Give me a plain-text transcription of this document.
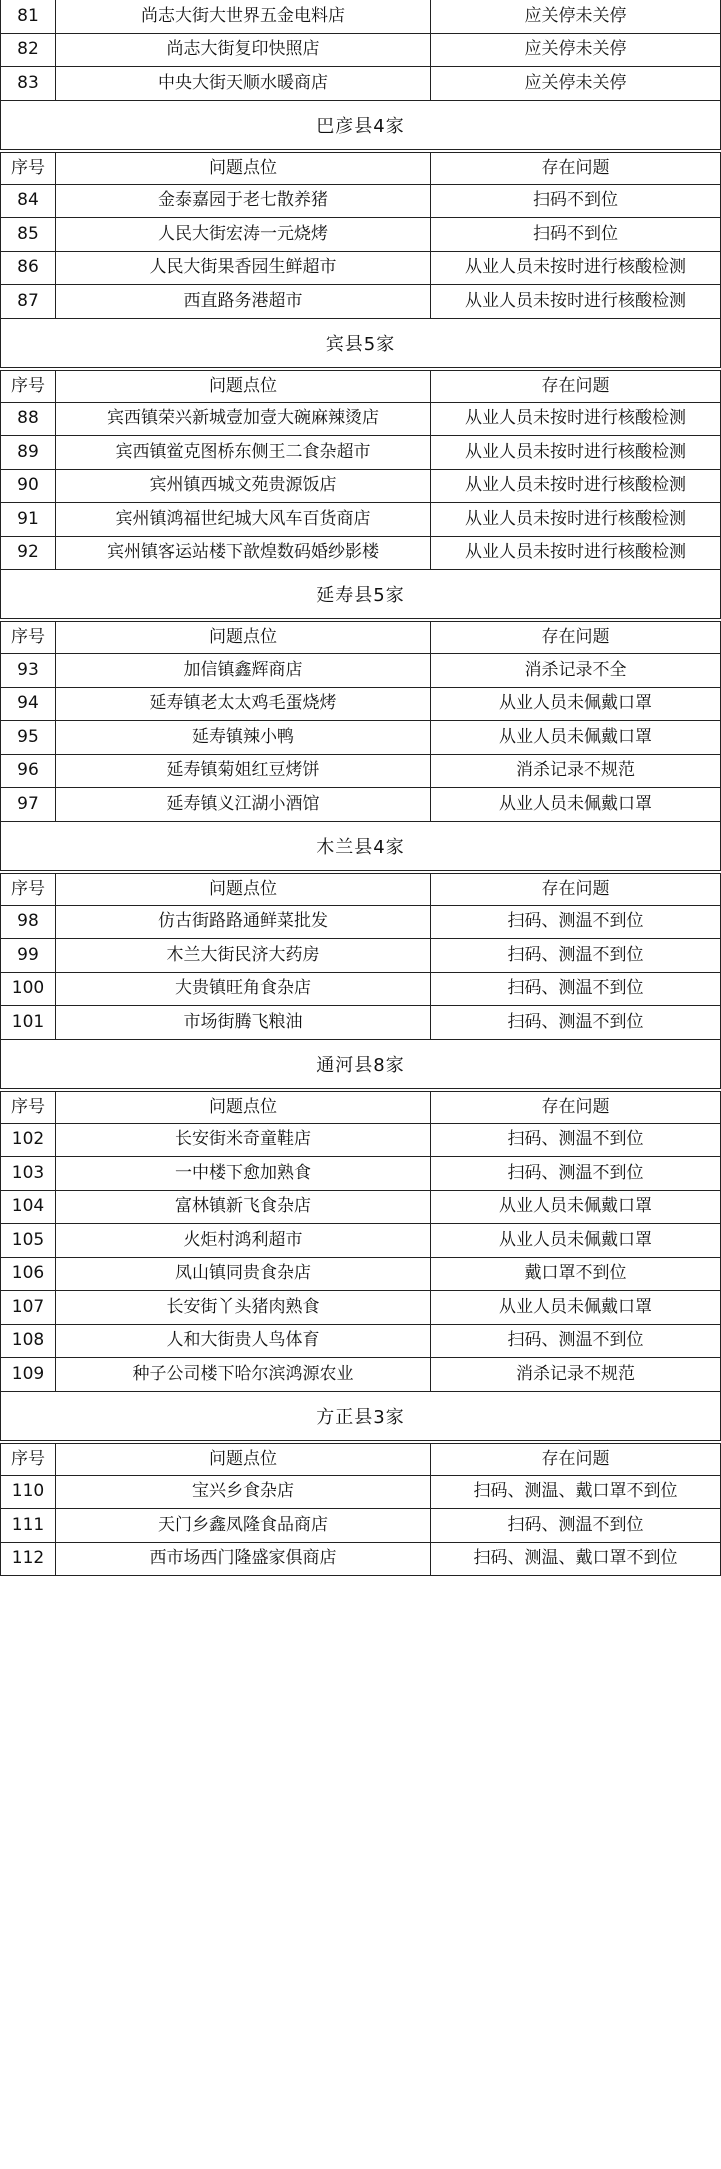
81	尚志大街大世界五金电料店	应关停未关停
82	尚志大街复印快照店	应关停未关停
83	中央大街天顺水暖商店	应关停未关停
巴彦县4家
序号	问题点位	存在问题
84	金泰嘉园于老七散养猪	扫码不到位
85	人民大街宏涛一元烧烤	扫码不到位
86	人民大街果香园生鲜超市	从业人员未按时进行核酸检测
87	西直路务港超市	从业人员未按时进行核酸检测
宾县5家
序号	问题点位	存在问题
88	宾西镇荣兴新城壹加壹大碗麻辣烫店	从业人员未按时进行核酸检测
89	宾西镇鲎克图桥东侧王二食杂超市	从业人员未按时进行核酸检测
90	宾州镇西城文苑贵源饭店	从业人员未按时进行核酸检测
91	宾州镇鸿福世纪城大风车百货商店	从业人员未按时进行核酸检测
92	宾州镇客运站楼下歆煌数码婚纱影楼	从业人员未按时进行核酸检测
延寿县5家
序号	问题点位	存在问题
93	加信镇鑫辉商店	消杀记录不全
94	延寿镇老太太鸡毛蛋烧烤	从业人员未佩戴口罩
95	延寿镇辣小鸭	从业人员未佩戴口罩
96	延寿镇菊姐红豆烤饼	消杀记录不规范
97	延寿镇义江湖小酒馆	从业人员未佩戴口罩
木兰县4家
序号	问题点位	存在问题
98	仿古街路路通鲜菜批发	扫码、测温不到位
99	木兰大街民济大药房	扫码、测温不到位
100	大贵镇旺角食杂店	扫码、测温不到位
101	市场街腾飞粮油	扫码、测温不到位
通河县8家
序号	问题点位	存在问题
102	长安街米奇童鞋店	扫码、测温不到位
103	一中楼下愈加熟食	扫码、测温不到位
104	富林镇新飞食杂店	从业人员未佩戴口罩
105	火炬村鸿利超市	从业人员未佩戴口罩
106	凤山镇同贵食杂店	戴口罩不到位
107	长安街丫头猪肉熟食	从业人员未佩戴口罩
108	人和大街贵人鸟体育	扫码、测温不到位
109	种子公司楼下哈尔滨鸿源农业	消杀记录不规范
方正县3家
序号	问题点位	存在问题
110	宝兴乡食杂店	扫码、测温、戴口罩不到位
111	天门乡鑫凤隆食品商店	扫码、测温不到位
112	西市场西门隆盛家俱商店	扫码、测温、戴口罩不到位
